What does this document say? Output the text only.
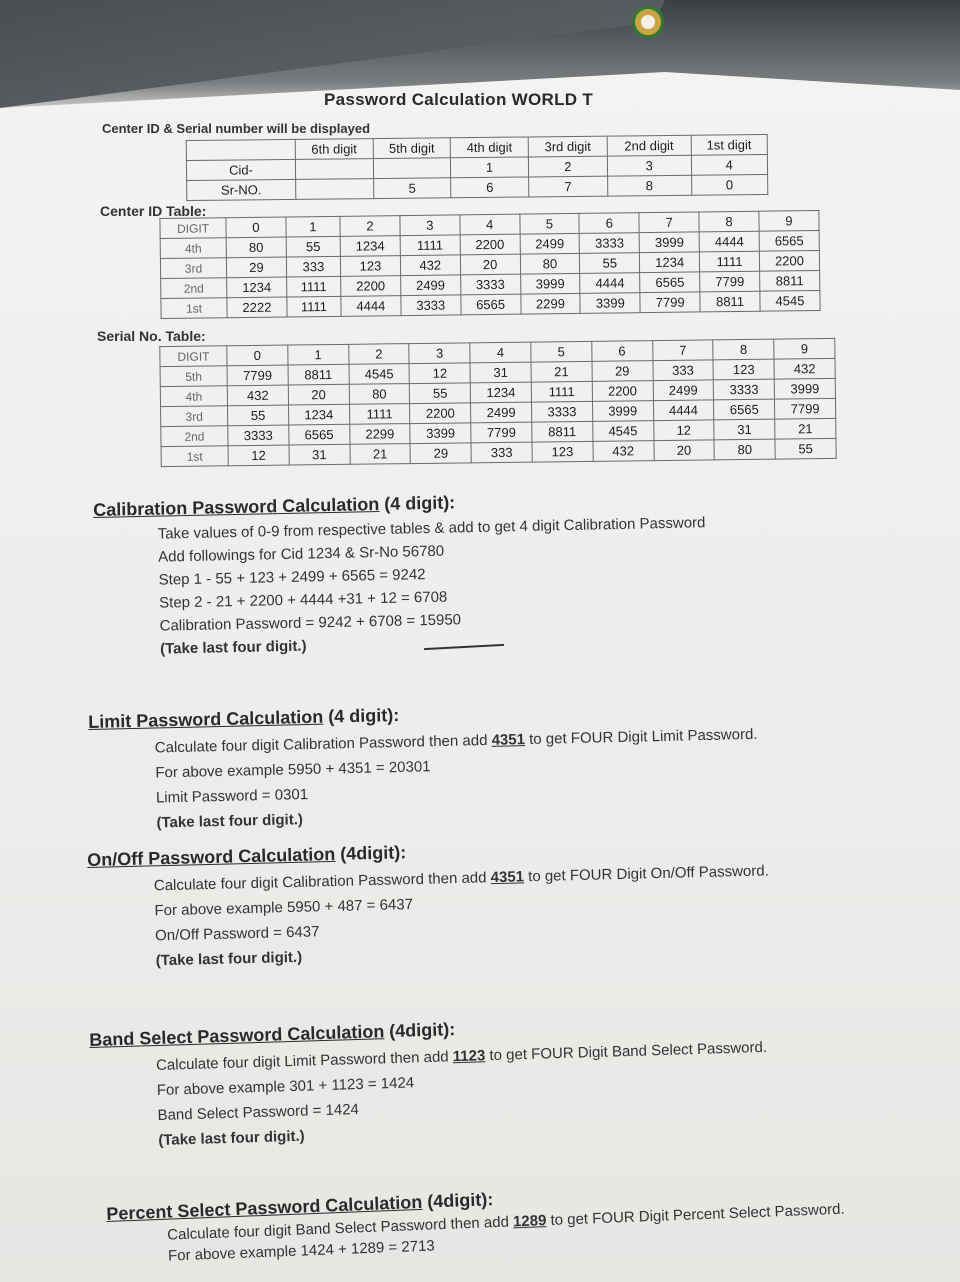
Password Calculation WORLD T
Center ID & Serial number will be displayed
	6th digit	5th digit	4th digit	3rd digit	2nd digit	1st digit
Cid-			1	2	3	4
Sr-NO.		5	6	7	8	0
Center ID Table:
DIGIT	0	1	2	3	4	5	6	7	8	9
4th	80	55	1234	1111	2200	2499	3333	3999	4444	6565
3rd	29	333	123	432	20	80	55	1234	1111	2200
2nd	1234	1111	2200	2499	3333	3999	4444	6565	7799	8811
1st	2222	1111	4444	3333	6565	2299	3399	7799	8811	4545
Serial No. Table:
DIGIT	0	1	2	3	4	5	6	7	8	9
5th	7799	8811	4545	12	31	21	29	333	123	432
4th	432	20	80	55	1234	1111	2200	2499	3333	3999
3rd	55	1234	1111	2200	2499	3333	3999	4444	6565	7799
2nd	3333	6565	2299	3399	7799	8811	4545	12	31	21
1st	12	31	21	29	333	123	432	20	80	55
Calibration Password Calculation (4 digit):
Take values of 0-9 from respective tables & add to get 4 digit Calibration Password
Add followings for Cid 1234 & Sr-No 56780
Step 1 - 55 + 123 + 2499 + 6565 = 9242
Step 2 - 21 + 2200 + 4444 +31 + 12 = 6708
Calibration Password = 9242 + 6708 = 15950
(Take last four digit.)
Limit Password Calculation (4 digit):
Calculate four digit Calibration Password then add 4351 to get FOUR Digit Limit Password.
For above example 5950 + 4351 = 20301
Limit Password = 0301
(Take last four digit.)
On/Off Password Calculation (4digit):
Calculate four digit Calibration Password then add 4351 to get FOUR Digit On/Off Password.
For above example 5950 + 487 = 6437
On/Off Password = 6437
(Take last four digit.)
Band Select Password Calculation (4digit):
Calculate four digit Limit Password then add 1123 to get FOUR Digit Band Select Password.
For above example 301 + 1123 = 1424
Band Select Password = 1424
(Take last four digit.)
Percent Select Password Calculation (4digit):
Calculate four digit Band Select Password then add 1289 to get FOUR Digit Percent Select Password.
For above example 1424 + 1289 = 2713
